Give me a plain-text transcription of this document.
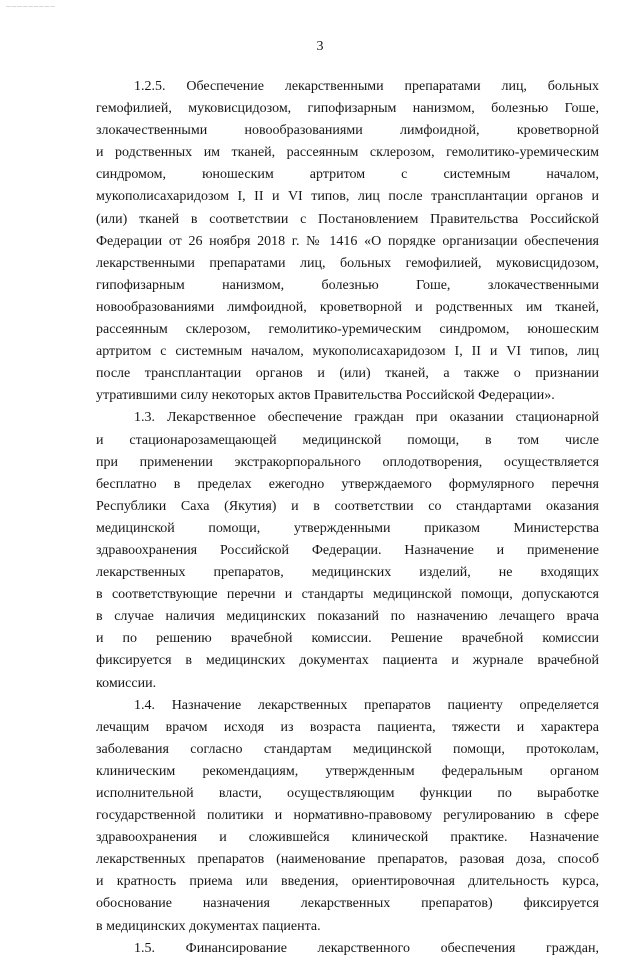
—————————
3
1.2.5. Обеспечение лекарственными препаратами лиц, больных
гемофилией, муковисцидозом, гипофизарным нанизмом, болезнью Гоше,
злокачественными новообразованиями лимфоидной, кроветворной
и родственных им тканей, рассеянным склерозом, гемолитико-уремическим
синдромом, юношеским артритом с системным началом,
мукополисахаридозом I, II и VI типов, лиц после трансплантации органов и
(или) тканей в соответствии с Постановлением Правительства Российской
Федерации от 26 ноября 2018 г. № 1416 «О порядке организации обеспечения
лекарственными препаратами лиц, больных гемофилией, муковисцидозом,
гипофизарным нанизмом, болезнью Гоше, злокачественными
новообразованиями лимфоидной, кроветворной и родственных им тканей,
рассеянным склерозом, гемолитико-уремическим синдромом, юношеским
артритом с системным началом, мукополисахаридозом I, II и VI типов, лиц
после трансплантации органов и (или) тканей, а также о признании
утратившими силу некоторых актов Правительства Российской Федерации».
1.3. Лекарственное обеспечение граждан при оказании стационарной
и стационарозамещающей медицинской помощи, в том числе
при применении экстракорпорального оплодотворения, осуществляется
бесплатно в пределах ежегодно утверждаемого формулярного перечня
Республики Саха (Якутия) и в соответствии со стандартами оказания
медицинской помощи, утвержденными приказом Министерства
здравоохранения Российской Федерации. Назначение и применение
лекарственных препаратов, медицинских изделий, не входящих
в соответствующие перечни и стандарты медицинской помощи, допускаются
в случае наличия медицинских показаний по назначению лечащего врача
и по решению врачебной комиссии. Решение врачебной комиссии
фиксируется в медицинских документах пациента и журнале врачебной
комиссии.
1.4. Назначение лекарственных препаратов пациенту определяется
лечащим врачом исходя из возраста пациента, тяжести и характера
заболевания согласно стандартам медицинской помощи, протоколам,
клиническим рекомендациям, утвержденным федеральным органом
исполнительной власти, осуществляющим функции по выработке
государственной политики и нормативно-правовому регулированию в сфере
здравоохранения и сложившейся клинической практике. Назначение
лекарственных препаратов (наименование препаратов, разовая доза, способ
и кратность приема или введения, ориентировочная длительность курса,
обоснование назначения лекарственных препаратов) фиксируется
в медицинских документах пациента.
1.5. Финансирование лекарственного обеспечения граждан,
